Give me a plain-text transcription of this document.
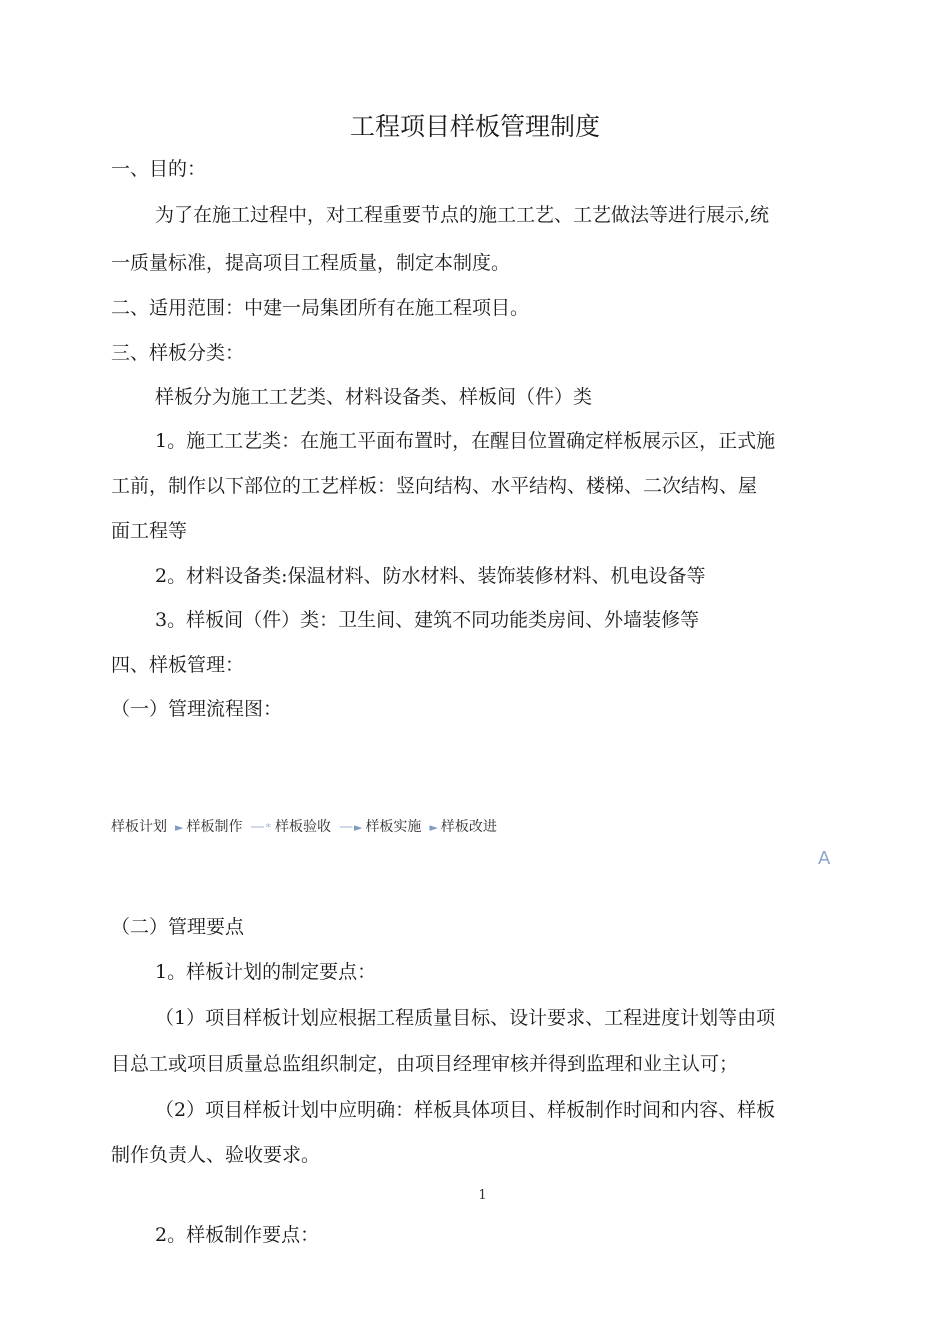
工程项目样板管理制度
一、目的：
为了在施工过程中，对工程重要节点的施工工艺、工艺做法等进行展示,统
一质量标准，提高项目工程质量，制定本制度。
二、适用范围：中建一局集团所有在施工程项目。
三、样板分类：
样板分为施工工艺类、材料设备类、样板间（件）类
1。施工工艺类：在施工平面布置时，在醒目位置确定样板展示区，正式施
工前，制作以下部位的工艺样板：竖向结构、水平结构、楼梯、二次结构、屋
面工程等
2。材料设备类:保温材料、防水材料、装饰装修材料、机电设备等
3。样板间（件）类：卫生间、建筑不同功能类房间、外墙装修等
四、样板管理：
（一）管理流程图：
样板计划 ► 样板制作 — * 样板验收 — ► 样板实施 ► 样板改进
A
（二）管理要点
1。样板计划的制定要点：
（1）项目样板计划应根据工程质量目标、设计要求、工程进度计划等由项
目总工或项目质量总监组织制定，由项目经理审核并得到监理和业主认可；
（2）项目样板计划中应明确：样板具体项目、样板制作时间和内容、样板
制作负责人、验收要求。
1
2。样板制作要点：
